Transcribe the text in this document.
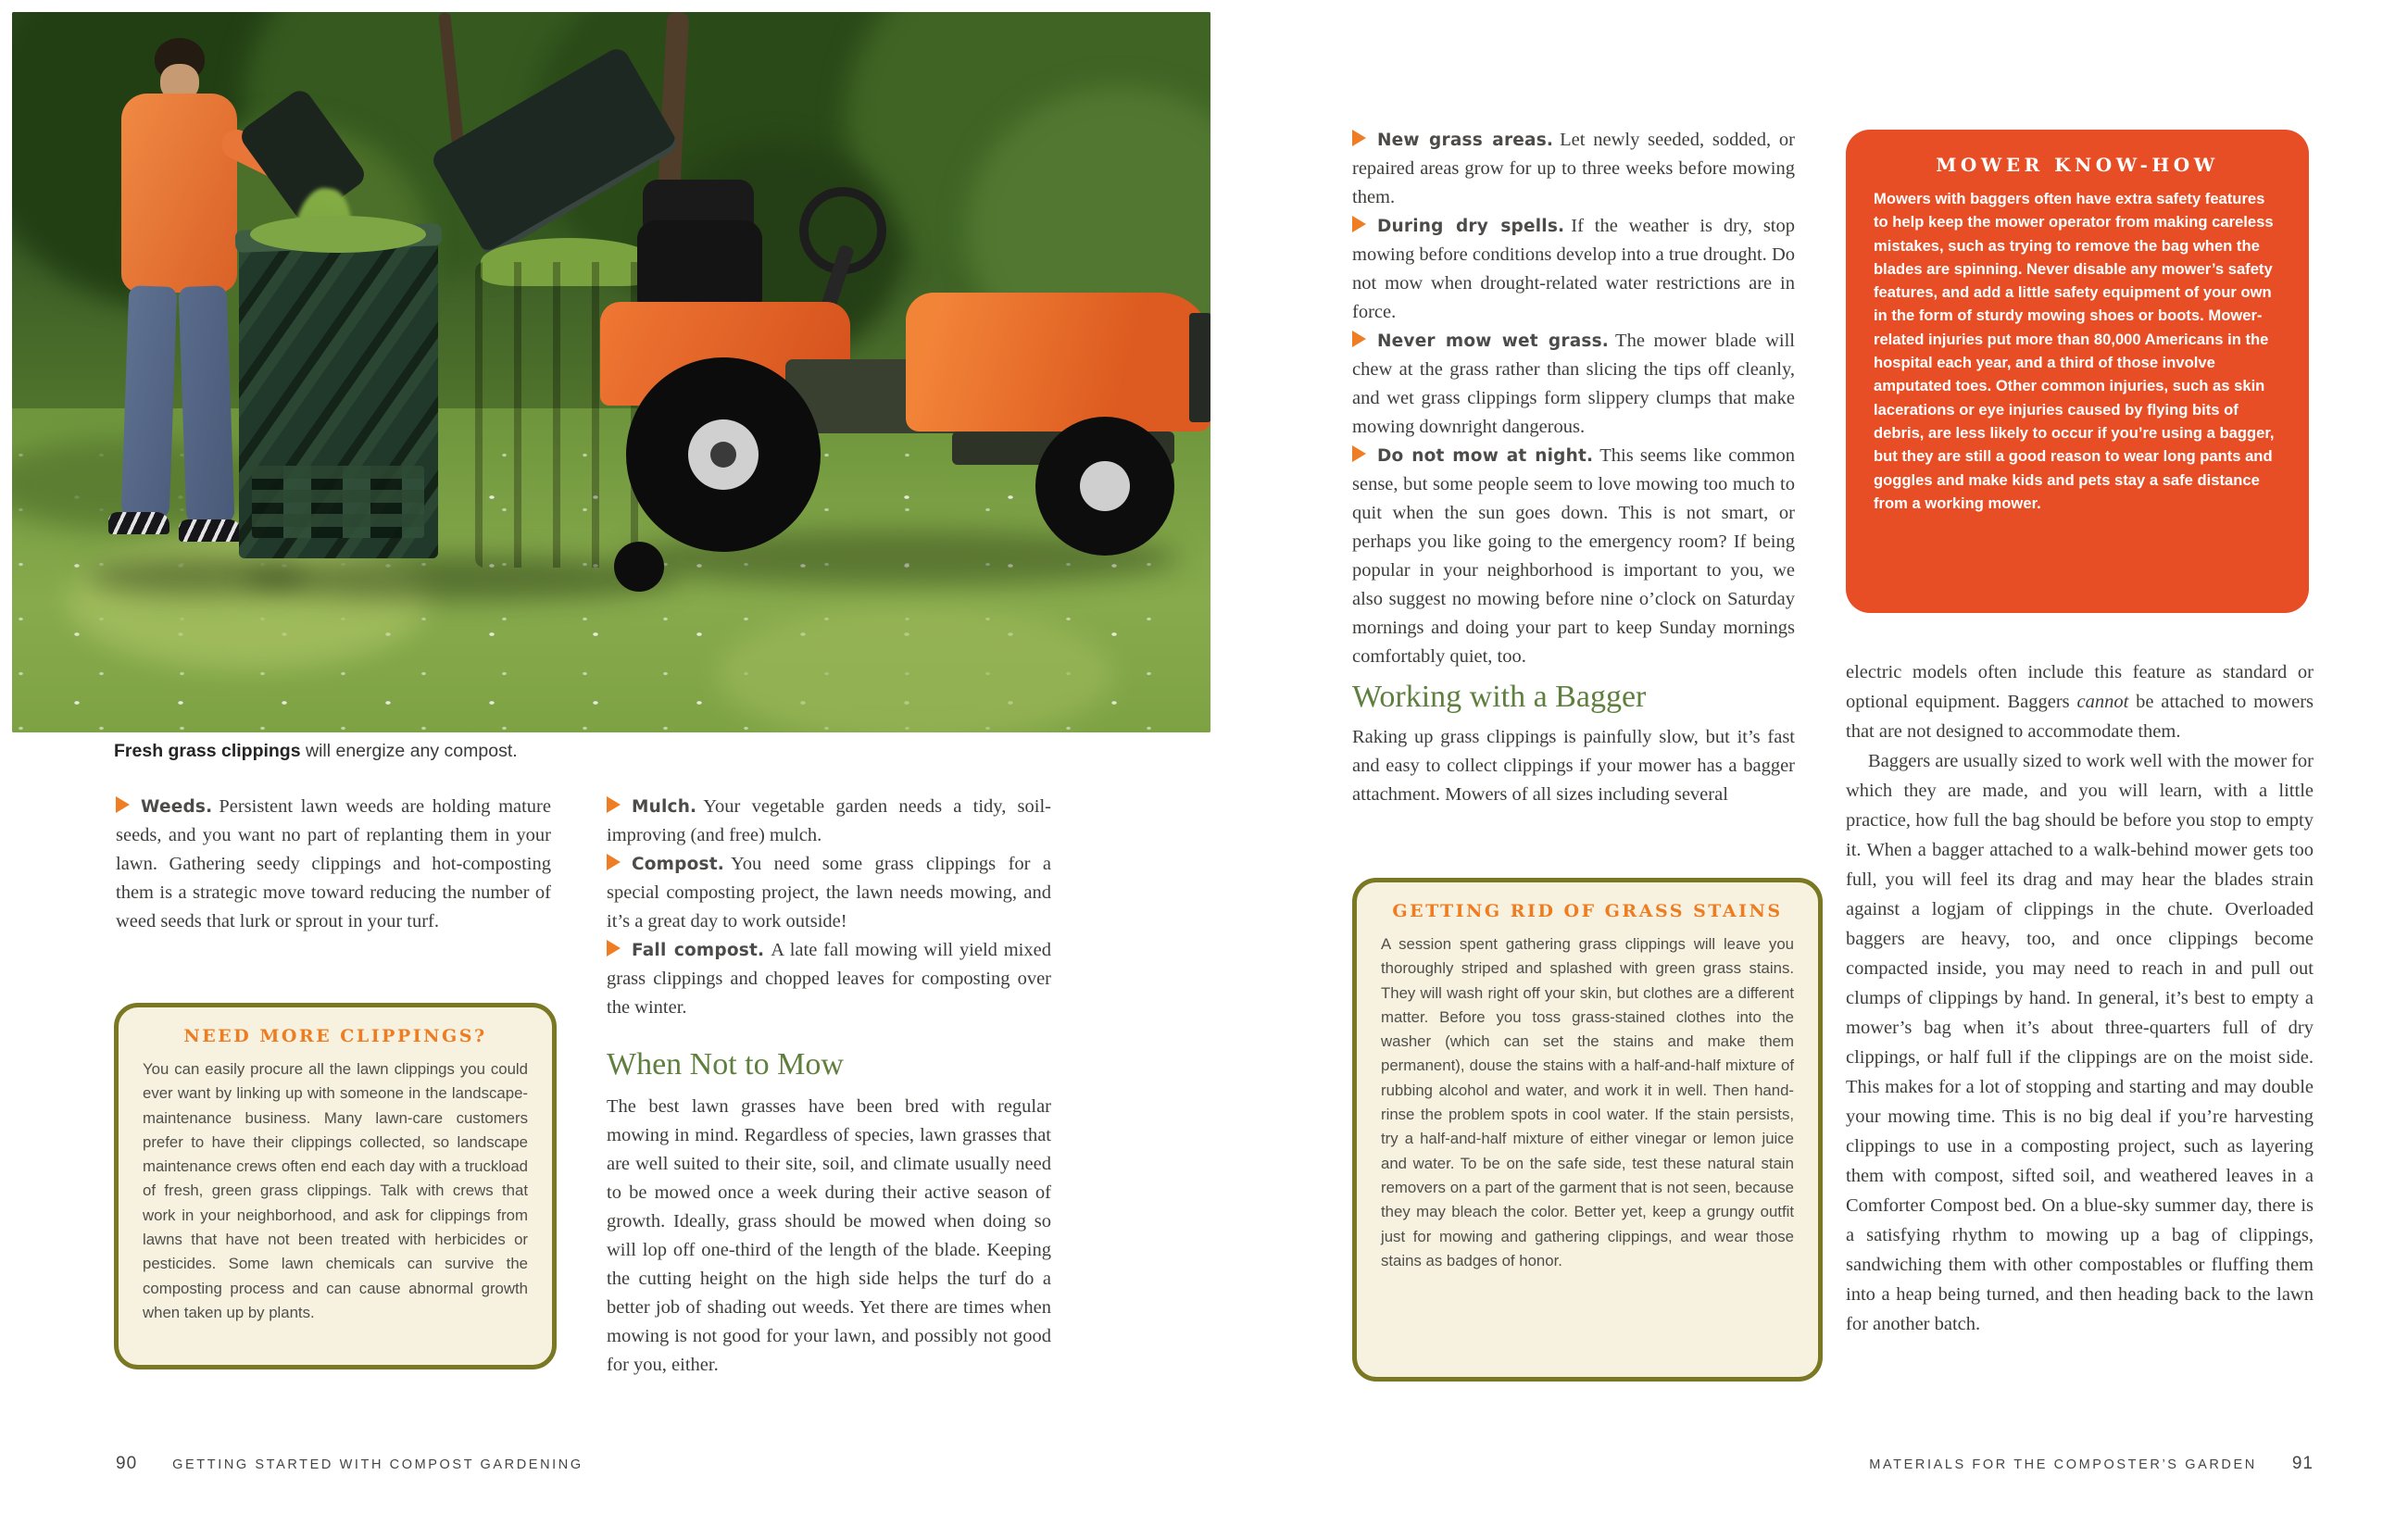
Fresh grass clippings will energize any compost.

Weeds. Persistent lawn weeds are holding mature seeds, and you want no part of replanting them in your lawn. Gathering seedy clippings and hot-composting them is a strategic move toward reducing the number of weed seeds that lurk or sprout in your turf.

NEED MORE CLIPPINGS?
You can easily procure all the lawn clippings you could ever want by linking up with someone in the landscape-maintenance business. Many lawn-care customers prefer to have their clippings collected, so landscape maintenance crews often end each day with a truckload of fresh, green grass clippings. Talk with crews that work in your neighborhood, and ask for clippings from lawns that have not been treated with herbicides or pesticides. Some lawn chemicals can survive the composting process and can cause abnormal growth when taken up by plants.

Mulch. Your vegetable garden needs a tidy, soil-improving (and free) mulch.

Compost. You need some grass clippings for a special composting project, the lawn needs mowing, and it’s a great day to work outside!

Fall compost. A late fall mowing will yield mixed grass clippings and chopped leaves for composting over the winter.

When Not to Mow

The best lawn grasses have been bred with regular mowing in mind. Regardless of species, lawn grasses that are well suited to their site, soil, and climate usually need to be mowed once a week during their active season of growth. Ideally, grass should be mowed when doing so will lop off one-third of the length of the blade. Keeping the cutting height on the high side helps the turf do a better job of shading out weeds. Yet there are times when mowing is not good for your lawn, and possibly not good for you, either.

90	GETTING STARTED WITH COMPOST GARDENING

New grass areas. Let newly seeded, sodded, or repaired areas grow for up to three weeks before mowing them.

During dry spells. If the weather is dry, stop mowing before conditions develop into a true drought. Do not mow when drought-related water restrictions are in force.

Never mow wet grass. The mower blade will chew at the grass rather than slicing the tips off cleanly, and wet grass clippings form slippery clumps that make mowing downright dangerous.

Do not mow at night. This seems like common sense, but some people seem to love mowing too much to quit when the sun goes down. This is not smart, or perhaps you like going to the emergency room? If being popular in your neighborhood is important to you, we also suggest no mowing before nine o’clock on Saturday mornings and doing your part to keep Sunday mornings comfortably quiet, too.

Working with a Bagger

Raking up grass clippings is painfully slow, but it’s fast and easy to collect clippings if your mower has a bagger attachment. Mowers of all sizes including several

GETTING RID OF GRASS STAINS
A session spent gathering grass clippings will leave you thoroughly striped and splashed with green grass stains. They will wash right off your skin, but clothes are a different matter. Before you toss grass-stained clothes into the washer (which can set the stains and make them permanent), douse the stains with a half-and-half mixture of rubbing alcohol and water, and work it in well. Then hand-rinse the problem spots in cool water. If the stain persists, try a half-and-half mixture of either vinegar or lemon juice and water. To be on the safe side, test these natural stain removers on a part of the garment that is not seen, because they may bleach the color. Better yet, keep a grungy outfit just for mowing and gathering clippings, and wear those stains as badges of honor.
MOWER KNOW-HOW
Mowers with baggers often have extra safety features to help keep the mower operator from making careless mistakes, such as trying to remove the bag when the blades are spinning. Never disable any mower’s safety features, and add a little safety equipment of your own in the form of sturdy mowing shoes or boots. Mower-related injuries put more than 80,000 Americans in the hospital each year, and a third of those involve amputated toes. Other common injuries, such as skin lacerations or eye injuries caused by flying bits of debris, are less likely to occur if you’re using a bagger, but they are still a good reason to wear long pants and goggles and make kids and pets stay a safe distance from a working mower.

electric models often include this feature as standard or optional equipment. Baggers cannot be attached to mowers that are not designed to accommodate them.

Baggers are usually sized to work well with the mower for which they are made, and you will learn, with a little practice, how full the bag should be before you stop to empty it. When a bagger attached to a walk-behind mower gets too full, you will feel its drag and may hear the blades strain against a logjam of clippings in the chute. Overloaded baggers are heavy, too, and once clippings become compacted inside, you may need to reach in and pull out clumps of clippings by hand. In general, it’s best to empty a mower’s bag when it’s about three-quarters full of dry clippings, or half full if the clippings are on the moist side. This makes for a lot of stopping and starting and may double your mowing time. This is no big deal if you’re harvesting clippings to use in a composting project, such as layering them with compost, sifted soil, and weathered leaves in a Comforter Compost bed. On a blue-sky summer day, there is a satisfying rhythm to mowing up a bag of clippings, sandwiching them with other compostables or fluffing them into a heap being turned, and then heading back to the lawn for another batch.

MATERIALS FOR THE COMPOSTER’S GARDEN 91
